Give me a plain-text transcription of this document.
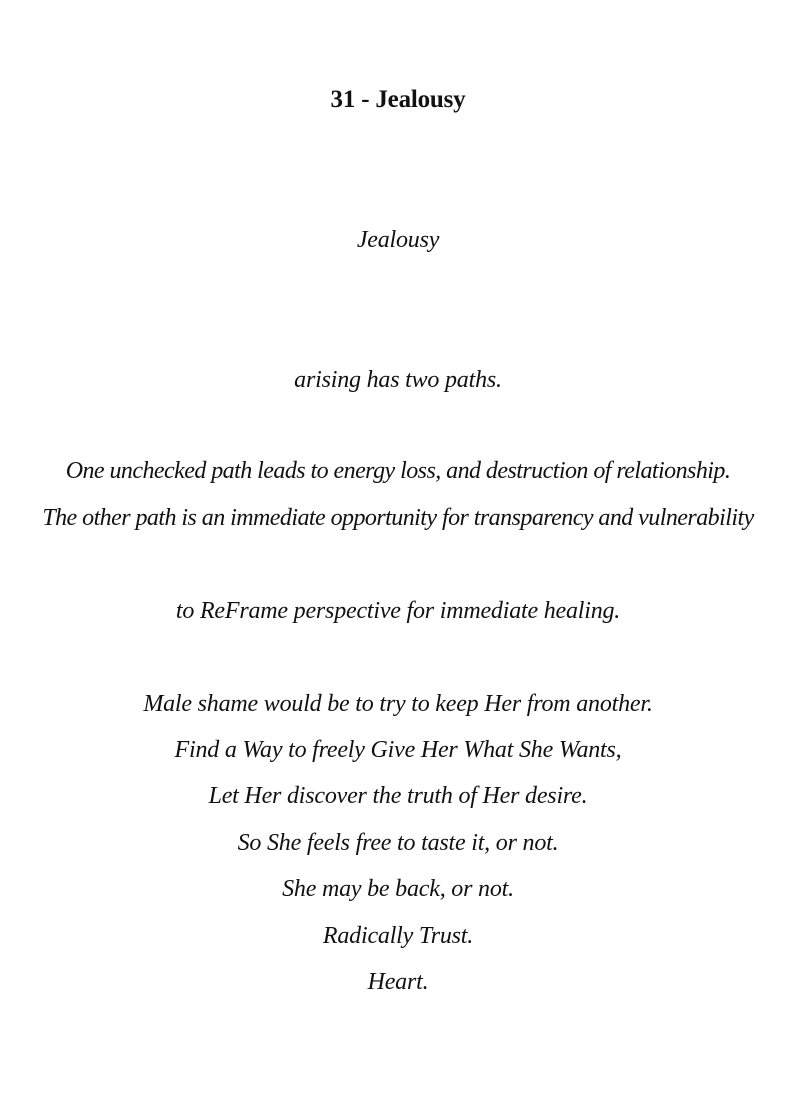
31 - Jealousy
Jealousy
arising has two paths.
One unchecked path leads to energy loss, and destruction of relationship.
The other path is an immediate opportunity for transparency and vulnerability
to ReFrame perspective for immediate healing.
Male shame would be to try to keep Her from another.
Find a Way to freely Give Her What She Wants,
Let Her discover the truth of Her desire.
So She feels free to taste it, or not.
She may be back, or not.
Radically Trust.
Heart.
